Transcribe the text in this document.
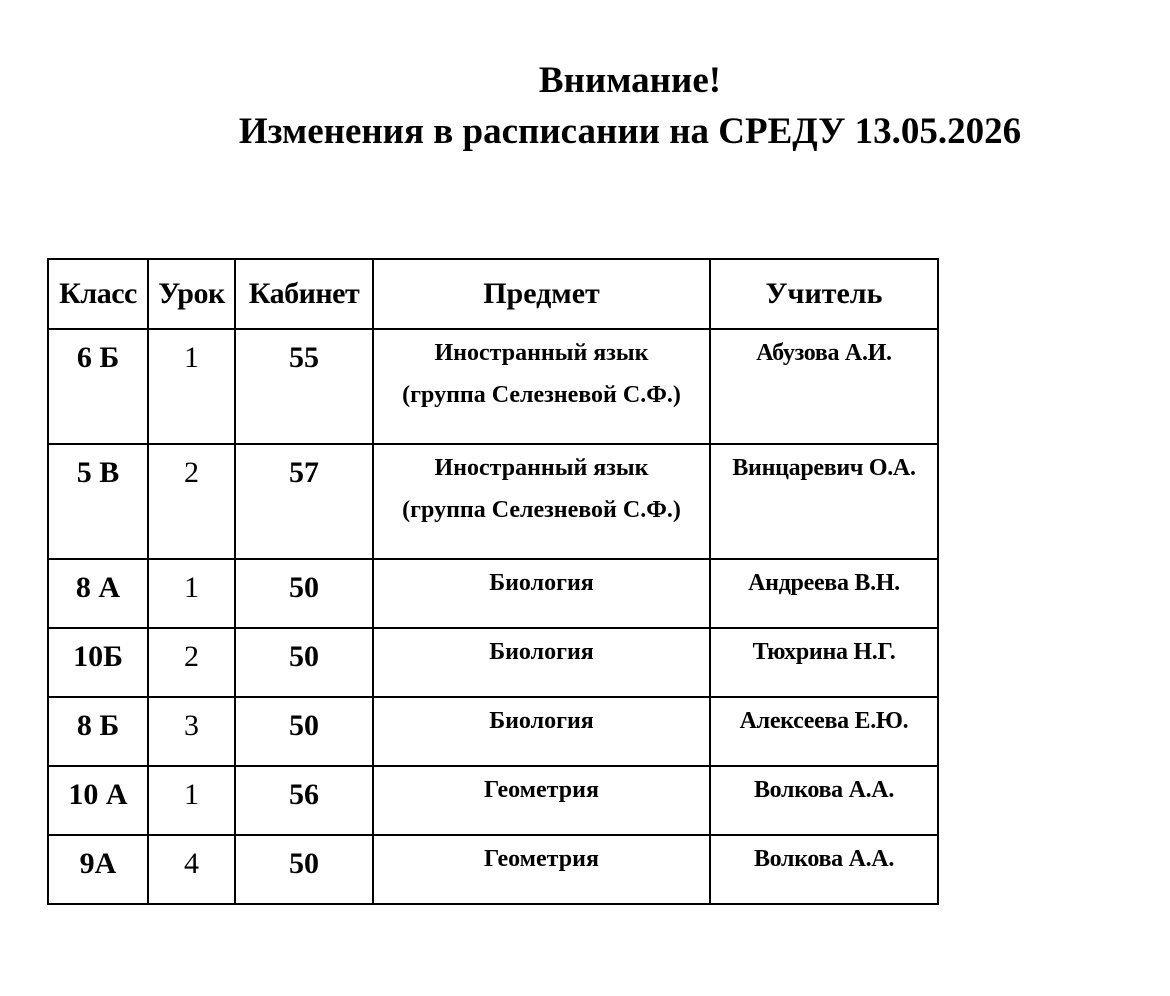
Внимание!
Изменения в расписании на СРЕДУ 13.05.2026
Класс	Урок	Кабинет	Предмет	Учитель

6 Б	1	55	Иностранный язык
(группа Селезневой С.Ф.)	Абузова А.И.

5 В	2	57	Иностранный язык
(группа Селезневой С.Ф.)	Винцаревич О.А.

8 А	1	50	Биология	Андреева В.Н.

10Б	2	50	Биология	Тюхрина Н.Г.

8 Б	3	50	Биология	Алексеева Е.Ю.

10 А	1	56	Геометрия	Волкова А.А.

9А	4	50	Геометрия	Волкова А.А.
